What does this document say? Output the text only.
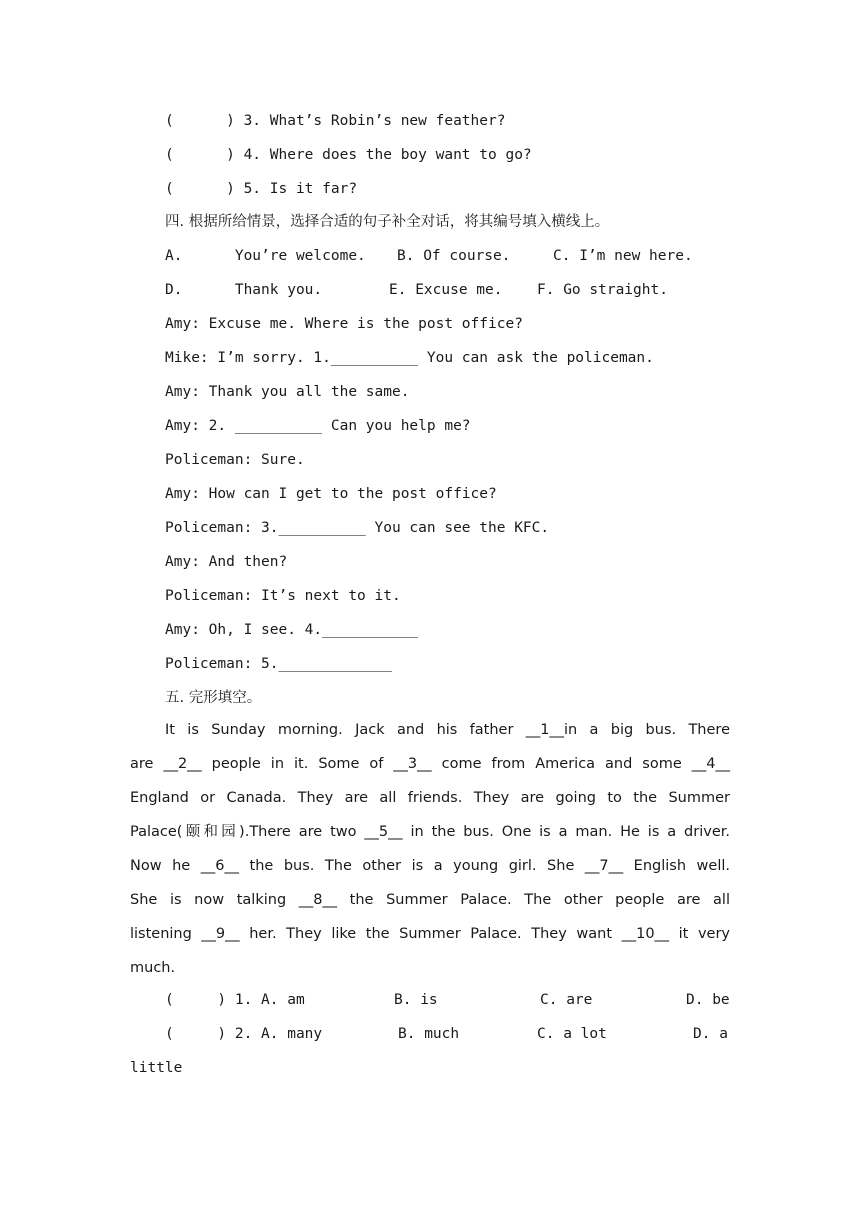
(      ) 3. What’s Robin’s new feather?
(      ) 4. Where does the boy want to go?
(      ) 5. Is it far?
四. 根据所给情景，选择合适的句子补全对话，将其编号填入横线上。

A.      You’re welcome.

B. Of course.

	C. I’m new here.

D.      Thank you.

	E. Excuse me.

F. Go straight.

Amy: Excuse me. Where is the post office?
Mike: I’m sorry. 1.__________ You can ask the policeman.
Amy: Thank you all the same.
Amy: 2. __________ Can you help me?
Policeman: Sure.
Amy: How can I get to the post office?
Policeman: 3.__________ You can see the KFC.
Amy: And then?
Policeman: It’s next to it.
Amy: Oh, I see. 4.___________
Policeman: 5._____________
五. 完形填空。
It is Sunday morning. Jack and his father __1__in a big bus. There
are __2__ people in it. Some of __3__ come from America and some __4__
England or Canada. They are all friends. They are going to the Summer
Palace(颐和园).There are two __5__ in the bus. One is a man. He is a driver.
Now he __6__ the bus. The other is a young girl. She __7__ English well.
She is now talking __8__ the Summer Palace. The other people are all
listening __9__ her. They like the Summer Palace. They want __10__ it very
much.

(     ) 1. A. am

	B. is

	C. are

	D. be

(     ) 2. A. many

	B. much

	C. a lot

	D. a

little
